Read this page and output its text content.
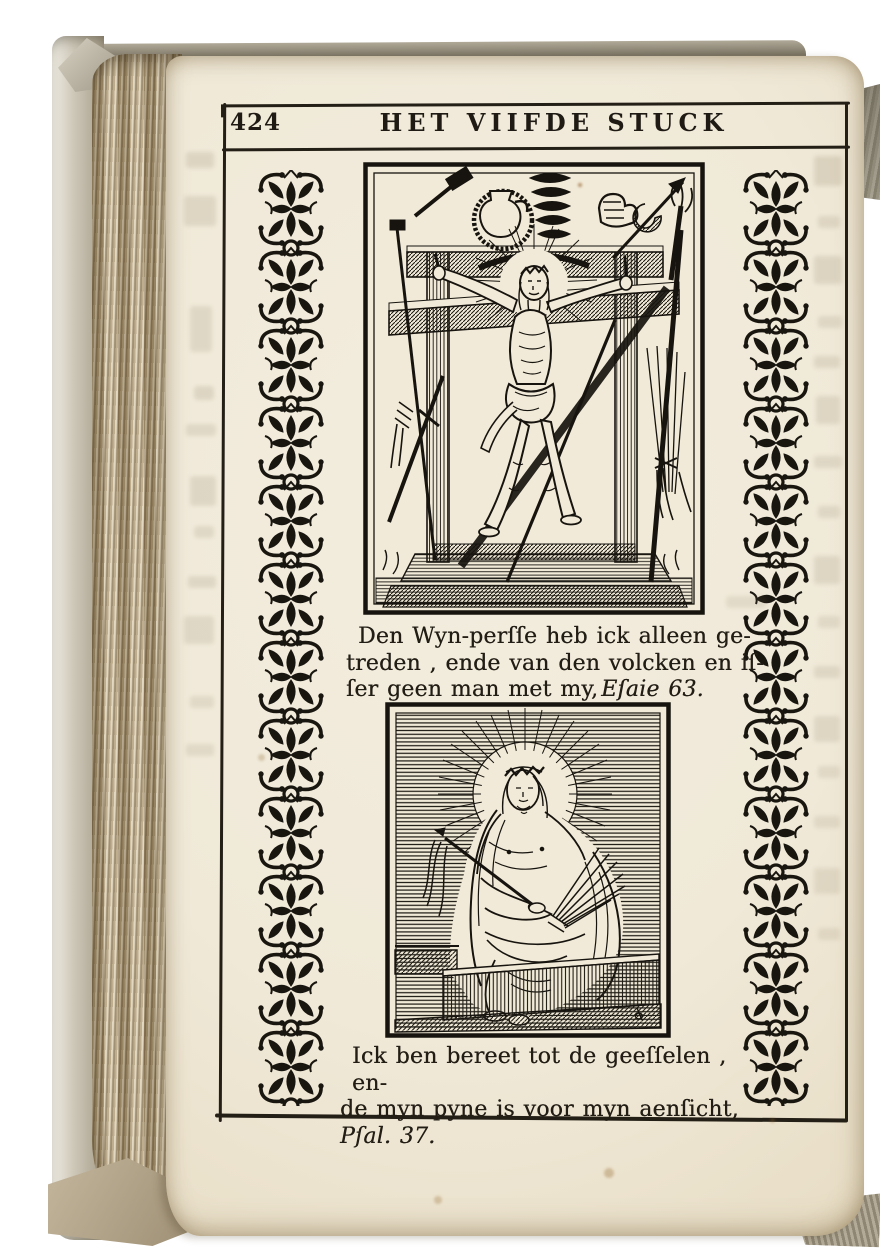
424	HET VIIFDE STUCK
Den Wyn-perſſe heb ick alleen ge-
treden , ende van den volcken en iſ-
ſer geen man met my, Eſaie 63.
Ick ben bereet tot de geeſſelen , en-
de myn pyne is voor myn aenſicht,
Pſal. 37.
